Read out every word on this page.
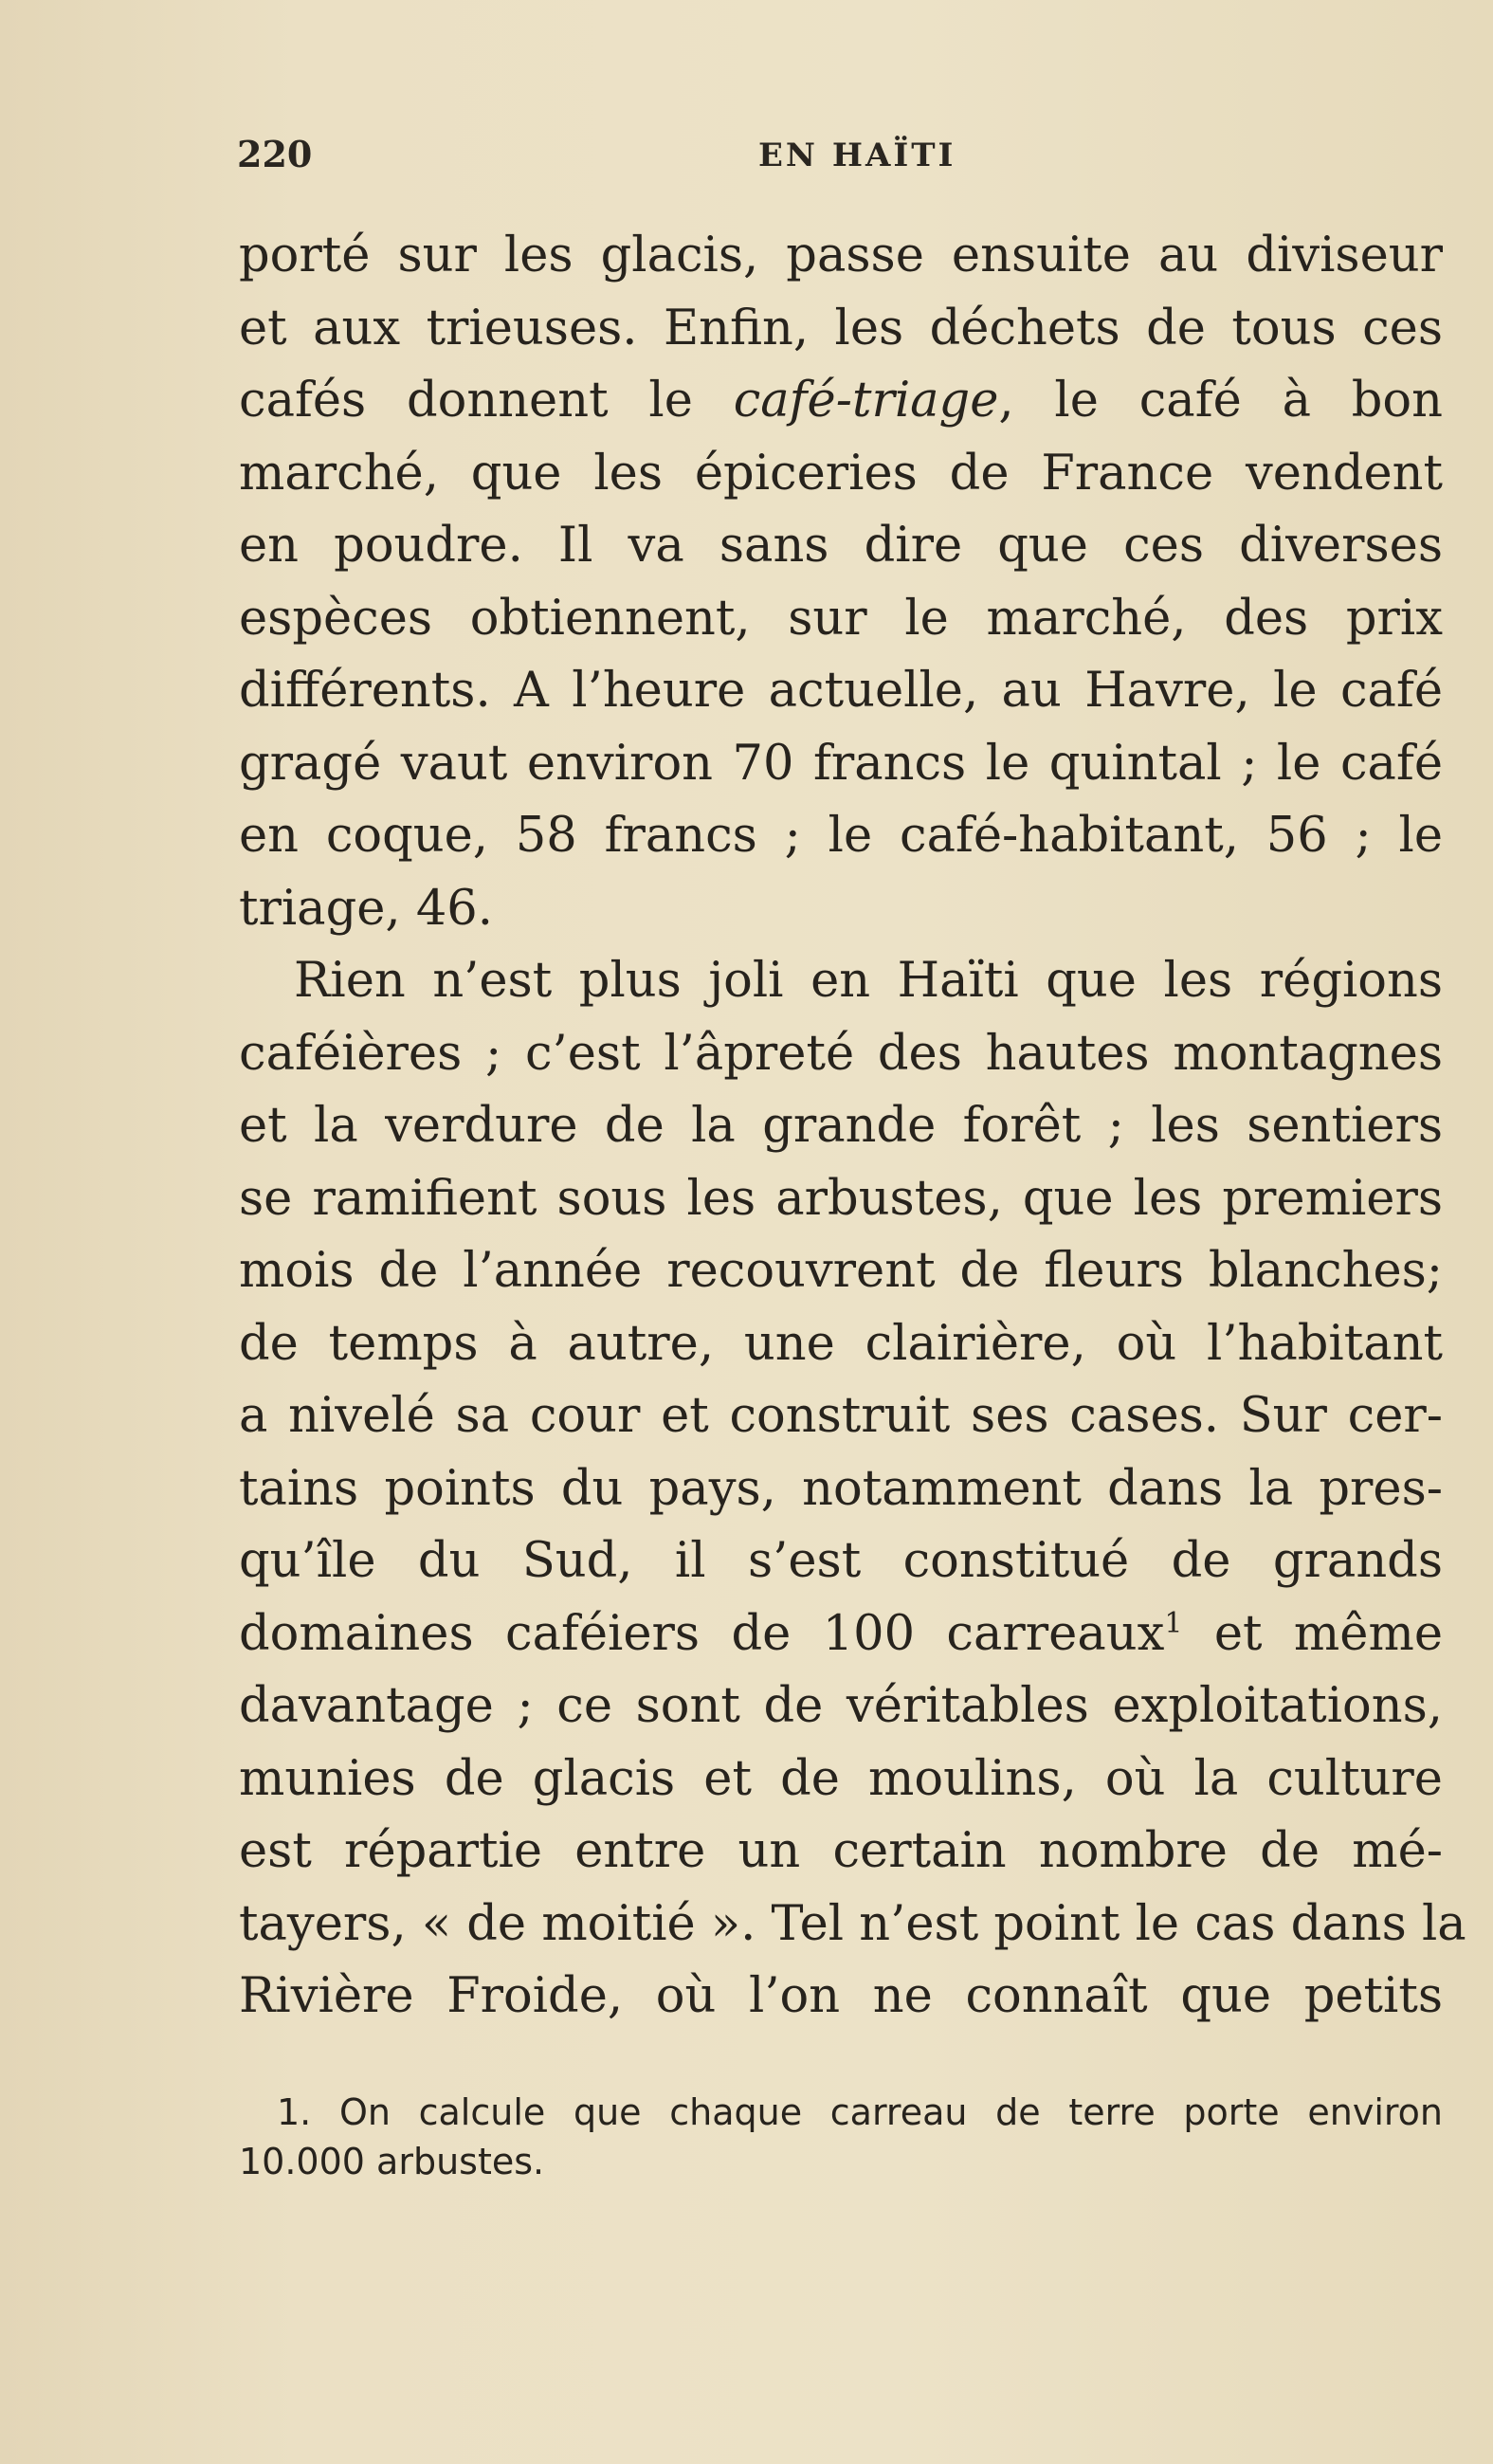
220	EN HAÏTI
porté sur les glacis, passe ensuite au diviseur
et aux trieuses. Enfin, les déchets de tous ces
cafés donnent le café-triage, le café à bon
marché, que les épiceries de France vendent
en poudre. Il va sans dire que ces diverses
espèces obtiennent, sur le marché, des prix
différents. A l’heure actuelle, au Havre, le café
gragé vaut environ 70 francs le quintal ; le café
en coque, 58 francs ; le café-habitant, 56 ; le
triage, 46.
Rien n’est plus joli en Haïti que les régions
caféières ; c’est l’âpreté des hautes montagnes
et la verdure de la grande forêt ; les sentiers
se ramifient sous les arbustes, que les premiers
mois de l’année recouvrent de fleurs blanches;
de temps à autre, une clairière, où l’habitant
a nivelé sa cour et construit ses cases. Sur cer-
tains points du pays, notamment dans la pres-
qu’île du Sud, il s’est constitué de grands
domaines caféiers de 100 carreaux$^1$ et même
davantage ; ce sont de véritables exploitations,
munies de glacis et de moulins, où la culture
est répartie entre un certain nombre de mé-
tayers, « de moitié ». Tel n’est point le cas dans la
Rivière Froide, où l’on ne connaît que petits
1. On calcule que chaque carreau de terre porte environ
10.000 arbustes.
